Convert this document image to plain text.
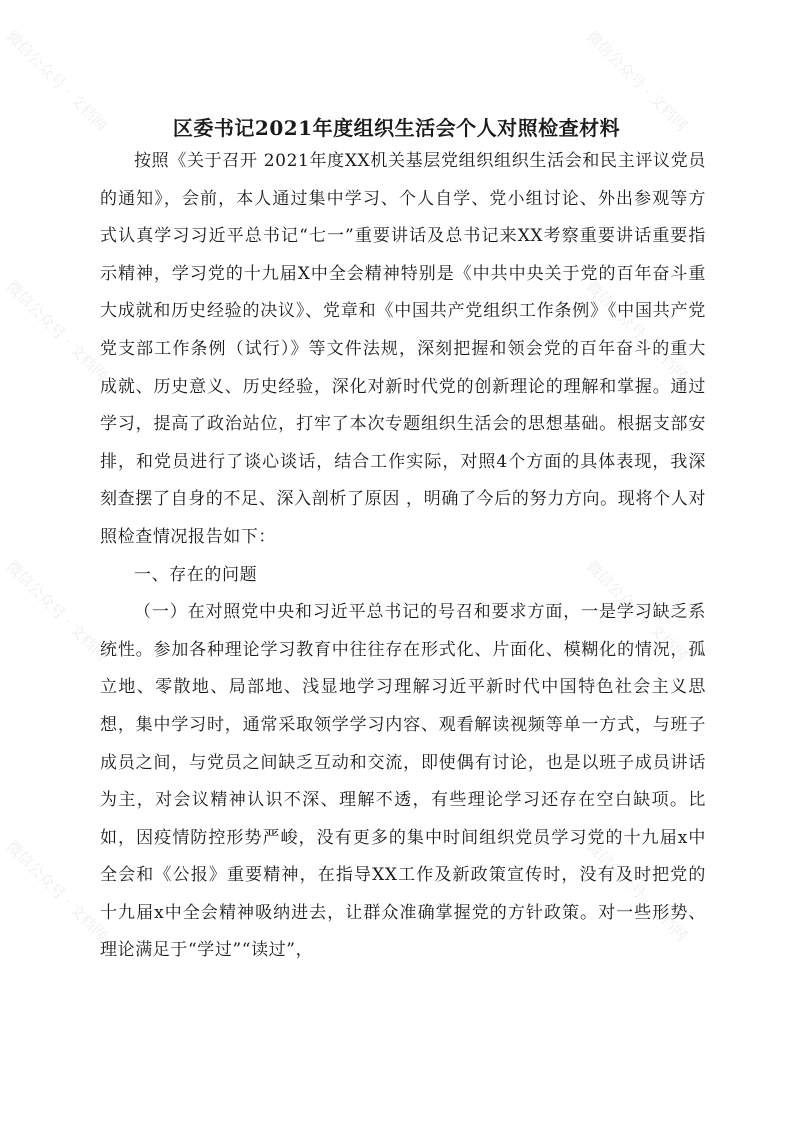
微信公众号 · 文档网	微信公众号 · 文档网
微信公众号 · 文档网	微信公众号 · 文档网
微信公众号 · 文档网	微信公众号 · 文档网
微信公众号 · 文档网	微信公众号 · 文档网
区委书记2021年度组织生活会个人对照检查材料

按照《关于召开 2021年度XX机关基层党组织组织生活会和民主评议党员的通知》，会前，本人通过集中学习、个人自学、党小组讨论、外出参观等方式认真学习习近平总书记“七一”重要讲话及总书记来XX考察重要讲话重要指示精神，学习党的十九届X中全会精神特别是《中共中央关于党的百年奋斗重大成就和历史经验的决议》、党章和《中国共产党组织工作条例》《中国共产党党支部工作条例（试行）》等文件法规，深刻把握和领会党的百年奋斗的重大成就、历史意义、历史经验，深化对新时代党的创新理论的理解和掌握。通过学习，提高了政治站位，打牢了本次专题组织生活会的思想基础。根据支部安排，和党员进行了谈心谈话，结合工作实际，对照4个方面的具体表现，我深刻查摆了自身的不足、深入剖析了原因 ，明确了今后的努力方向。现将个人对照检查情况报告如下：

一、存在的问题

（一）在对照党中央和习近平总书记的号召和要求方面，一是学习缺乏系统性。参加各种理论学习教育中往往存在形式化、片面化、模糊化的情况，孤立地、零散地、局部地、浅显地学习理解习近平新时代中国特色社会主义思想，集中学习时，通常采取领学学习内容、观看解读视频等单一方式，与班子成员之间，与党员之间缺乏互动和交流，即使偶有讨论，也是以班子成员讲话为主，对会议精神认识不深、理解不透，有些理论学习还存在空白缺项。比如，因疫情防控形势严峻，没有更多的集中时间组织党员学习党的十九届x中全会和《公报》重要精神，在指导XX工作及新政策宣传时，没有及时把党的十九届x中全会精神吸纳进去，让群众准确掌握党的方针政策。对一些形势、理论满足于“学过”“读过”，
